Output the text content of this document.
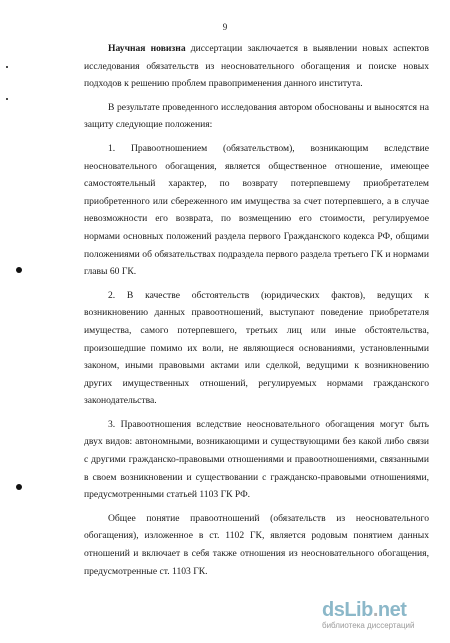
9

Научная новизна диссертации заключается в выявлении новых аспектов исследования обязательств из неосновательного обогащения и поиске новых подходов к решению проблем правоприменения данного института.

В результате проведенного исследования автором обоснованы и выносятся на защиту следующие положения:

1. Правоотношением (обязательством), возникающим вследствие неосновательного обогащения, является общественное отношение, имеющее самостоятельный характер, по возврату потерпевшему приобретателем приобретенного или сбереженного им имущества за счет потерпевшего, а в случае невозможности его возврата, по возмещению его стоимости, регулируемое нормами основных положений раздела первого Гражданского кодекса РФ, общими положениями об обязательствах подраздела первого раздела третьего ГК и нормами главы 60 ГК.

2. В качестве обстоятельств (юридических фактов), ведущих к возникновению данных правоотношений, выступают поведение приобретателя имущества, самого потерпевшего, третьих лиц или иные обстоятельства, произошедшие помимо их воли, не являющиеся основаниями, установленными законом, иными правовыми актами или сделкой, ведущими к возникновению других имущественных отношений, регулируемых нормами гражданского законодательства.

3. Правоотношения вследствие неосновательного обогащения могут быть двух видов: автономными, возникающими и существующими без какой либо связи с другими гражданско-правовыми отношениями и правоотношениями, связанными в своем возникновении и существовании с гражданско-правовыми отношениями, предусмотренными статьей 1103 ГК РФ.

Общее понятие правоотношений (обязательств из неосновательного обогащения), изложенное в ст. 1102 ГК, является родовым понятием данных отношений и включает в себя также отношения из неосновательного обогащения, предусмотренные ст. 1103 ГК.

dsLib.net
библиотека диссертаций
